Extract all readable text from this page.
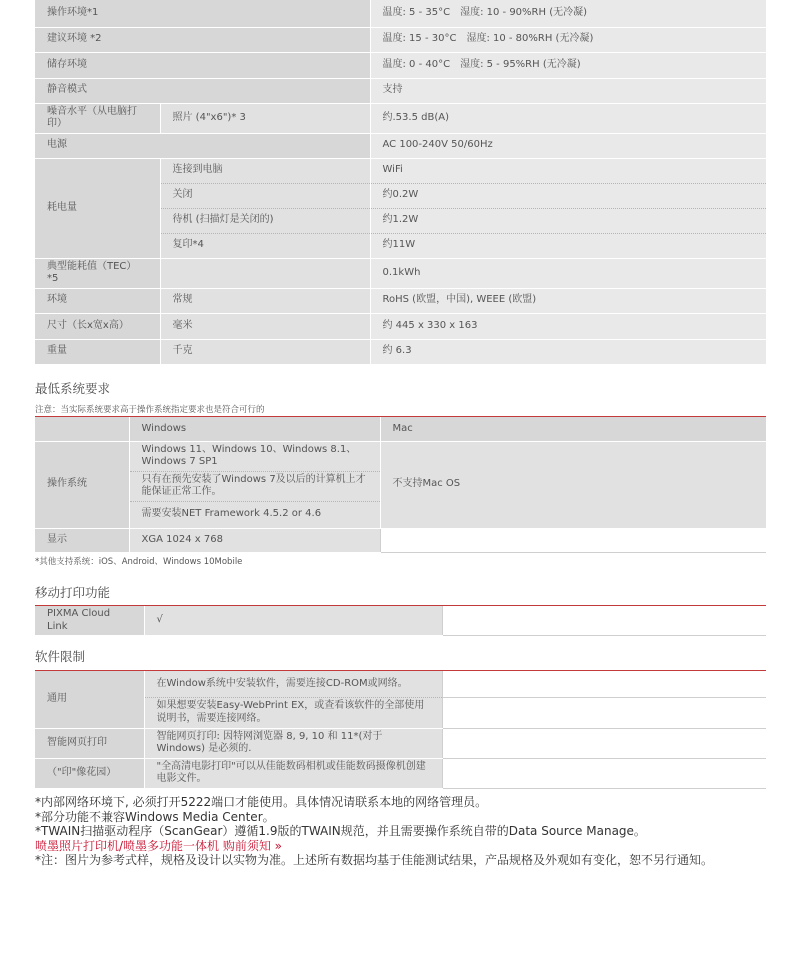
操作环境*1		温度: 5 - 35°C　湿度: 10 - 90%RH (无冷凝)
建议环境 *2		温度: 15 - 30°C　湿度: 10 - 80%RH (无冷凝)
储存环境		温度: 0 - 40°C　湿度: 5 - 95%RH (无冷凝)
静音模式		支持
噪音水平（从电脑打印）	照片 (4"x6")* 3	约.53.5 dB(A)
电源		AC 100-240V 50/60Hz
耗电量	连接到电脑	WiFi
	关闭	约0.2W
	待机 (扫描灯是关闭的)	约1.2W
	复印*4	约11W
典型能耗值（TEC）*5		0.1kWh
环境	常规	RoHS (欧盟，中国), WEEE (欧盟)
尺寸（长x宽x高）	毫米	约 445 x 330 x 163
重量	千克	约 6.3
最低系统要求
注意：当实际系统要求高于操作系统指定要求也是符合可行的
	Windows	Mac
操作系统	Windows 11、Windows 10、Windows 8.1、Windows 7 SP1	不支持Mac OS
	只有在预先安装了Windows 7及以后的计算机上才能保证正常工作。	
	需要安装NET Framework 4.5.2 or 4.6	
显示	XGA 1024 x 768	
*其他支持系统：iOS、Android、Windows 10Mobile
移动打印功能
PIXMA Cloud Link	√	
软件限制
通用	在Window系统中安装软件，需要连接CD-ROM或网络。	
	如果想要安装Easy-WebPrint EX，或查看该软件的全部使用说明书，需要连接网络。	
智能网页打印	智能网页打印: 因特网浏览器 8, 9, 10 和 11*(对于 Windows) 是必须的.	
（"印"像花园）	"全高清电影打印"可以从佳能数码相机或佳能数码摄像机创建电影文件。	
*内部网络环境下, 必须打开5222端口才能使用。具体情况请联系本地的网络管理员。
*部分功能不兼容Windows Media Center。
*TWAIN扫描驱动程序（ScanGear）遵循1.9版的TWAIN规范，并且需要操作系统自带的Data Source Manage。
喷墨照片打印机/喷墨多功能一体机 购前须知 »
*注：图片为参考式样，规格及设计以实物为准。上述所有数据均基于佳能测试结果，产品规格及外观如有变化，恕不另行通知。
